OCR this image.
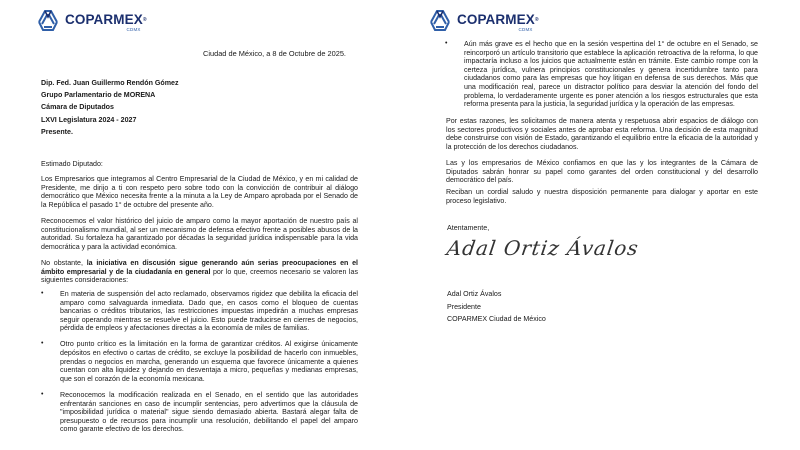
COPARMEX®
CDMX
Ciudad de México, a 8 de Octubre de 2025.
Dip. Fed. Juan Guillermo Rendón Gómez
Grupo Parlamentario de MORENA
Cámara de Diputados
LXVI Legislatura 2024 - 2027
Presente.
Estimado Diputado:

Los Empresarios que integramos al Centro Empresarial de la Ciudad de México, y en mi calidad de Presidente, me dirijo a ti con respeto pero sobre todo con la convicción de contribuir al diálogo democrático que México necesita frente a la minuta a la Ley de Amparo aprobada por el Senado de la República el pasado 1° de octubre del presente año.

Reconocemos el valor histórico del juicio de amparo como la mayor aportación de nuestro país al constitucionalismo mundial, al ser un mecanismo de defensa efectivo frente a posibles abusos de la autoridad. Su fortaleza ha garantizado por décadas la seguridad jurídica indispensable para la vida democrática y para la actividad económica.

No obstante, la iniciativa en discusión sigue generando aún serias preocupaciones en el ámbito empresarial y de la ciudadanía en general por lo que, creemos necesario se valoren las siguientes consideraciones:

• En materia de suspensión del acto reclamado, observamos rigidez que debilita la eficacia del amparo como salvaguarda inmediata. Dado que, en casos como el bloqueo de cuentas bancarias o créditos tributarios, las restricciones impuestas impedirán a muchas empresas seguir operando mientras se resuelve el juicio. Esto puede traducirse en cierres de negocios, pérdida de empleos y afectaciones directas a la economía de miles de familias.
• Otro punto crítico es la limitación en la forma de garantizar créditos. Al exigirse únicamente depósitos en efectivo o cartas de crédito, se excluye la posibilidad de hacerlo con inmuebles, prendas o negocios en marcha, generando un esquema que favorece únicamente a quienes cuentan con alta liquidez y dejando en desventaja a micro, pequeñas y medianas empresas, que son el corazón de la economía mexicana.
• Reconocemos la modificación realizada en el Senado, en el sentido que las autoridades enfrentarán sanciones en caso de incumplir sentencias, pero advertimos que la cláusula de "imposibilidad jurídica o material" sigue siendo demasiado abierta. Bastará alegar falta de presupuesto o de recursos para incumplir una resolución, debilitando el papel del amparo como garante efectivo de los derechos.
COPARMEX®
CDMX
• Aún más grave es el hecho que en la sesión vespertina del 1° de octubre en el Senado, se reincorporó un artículo transitorio que establece la aplicación retroactiva de la reforma, lo que impactaría incluso a los juicios que actualmente están en trámite. Este cambio rompe con la certeza jurídica, vulnera principios constitucionales y genera incertidumbre tanto para ciudadanos como para las empresas que hoy litigan en defensa de sus derechos. Más que una modificación real, parece un distractor político para desviar la atención del fondo del problema, lo verdaderamente urgente es poner atención a los riesgos estructurales que esta reforma presenta para la justicia, la seguridad jurídica y la operación de las empresas.

Por estas razones, les solicitamos de manera atenta y respetuosa abrir espacios de diálogo con los sectores productivos y sociales antes de aprobar esta reforma. Una decisión de esta magnitud debe construirse con visión de Estado, garantizando el equilibrio entre la eficacia de la autoridad y la protección de los derechos ciudadanos.

Las y los empresarios de México confiamos en que las y los integrantes de la Cámara de Diputados sabrán honrar su papel como garantes del orden constitucional y del desarrollo democrático del país.

Reciban un cordial saludo y nuestra disposición permanente para dialogar y aportar en este proceso legislativo.

Atentamente,
Adal Ortiz Ávalos
Adal Ortiz Ávalos
Presidente
COPARMEX Ciudad de México
